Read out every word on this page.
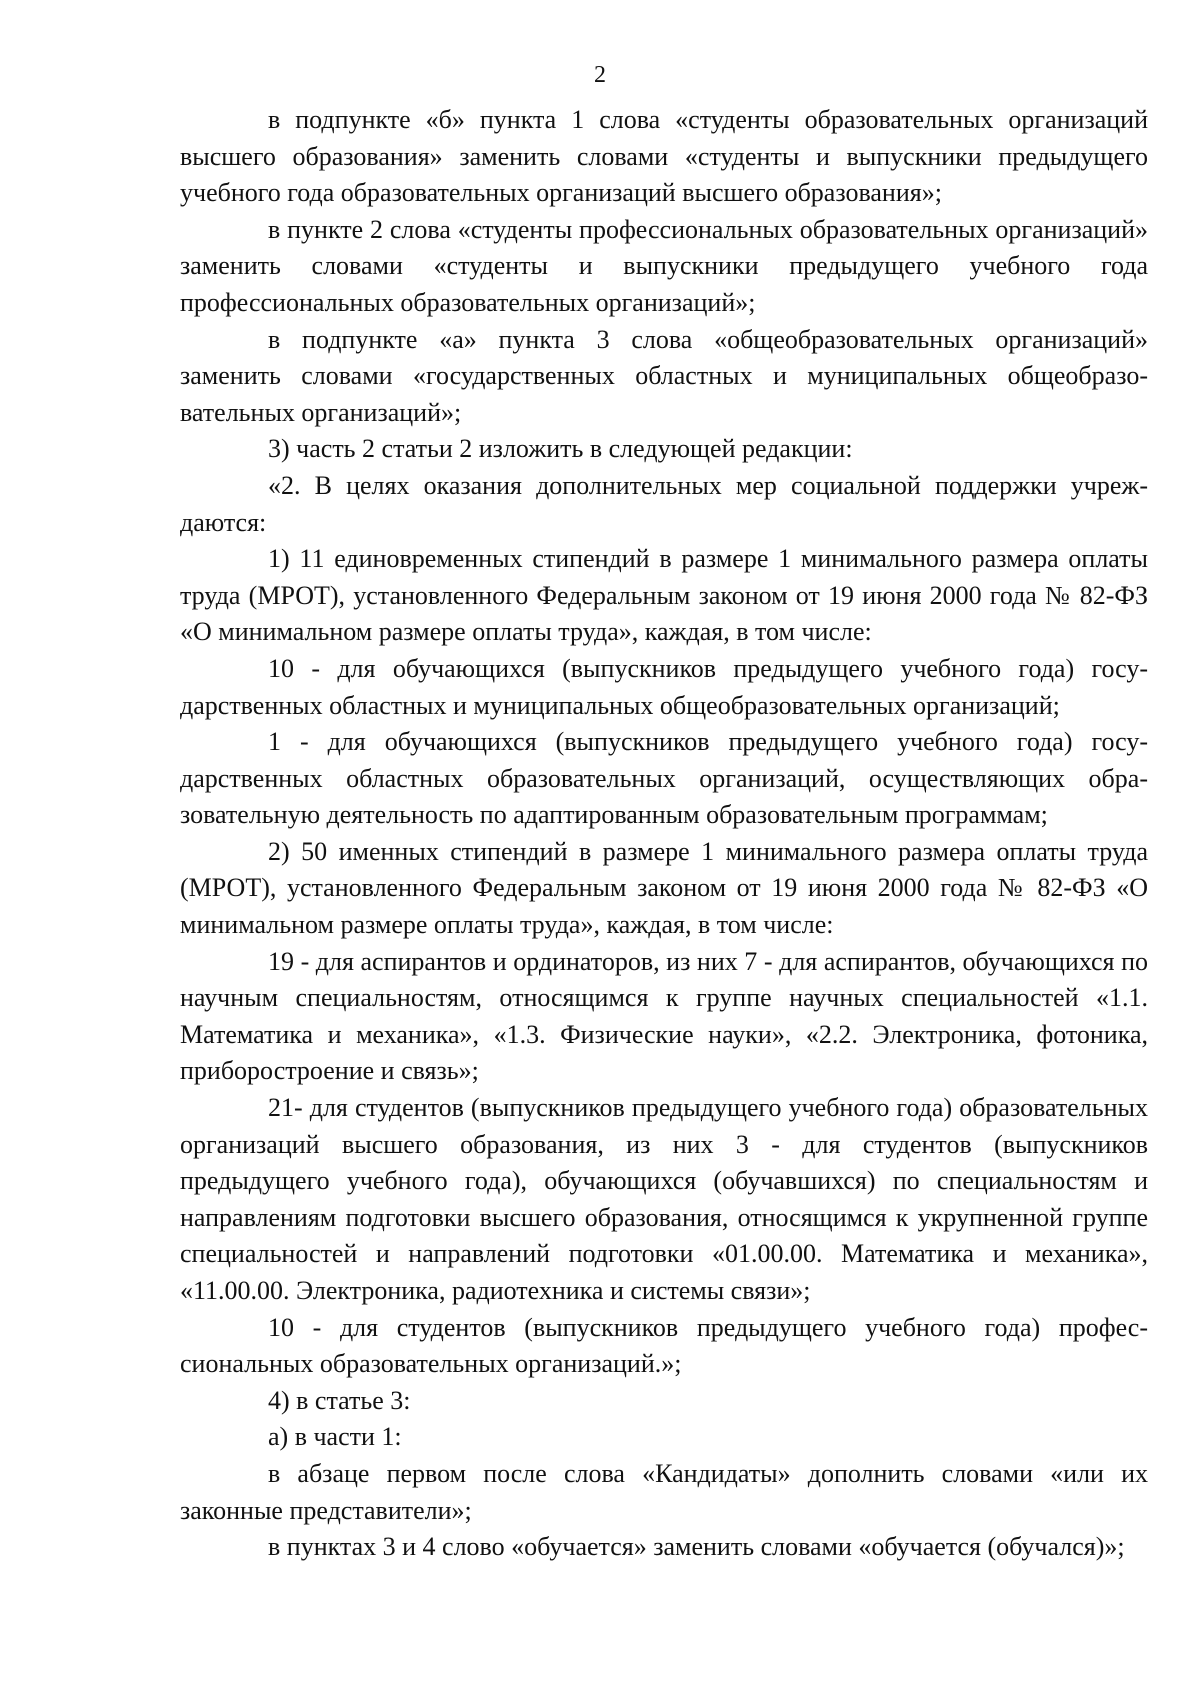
2

в подпункте «б» пункта 1 слова «студенты образовательных организаций высшего образования» заменить словами «студенты и выпускники предыдущего учебного года образовательных организаций высшего образования»;

в пункте 2 слова «студенты профессиональных образовательных организаций» заменить словами «студенты и выпускники предыдущего учебного года профессиональных образовательных организаций»;

в подпункте «а» пункта 3 слова «общеобразовательных организаций» заменить словами «государственных областных и муниципальных общеобразовательных организаций»;

3) часть 2 статьи 2 изложить в следующей редакции:

«2. В целях оказания дополнительных мер социальной поддержки учреждаются:

1) 11 единовременных стипендий в размере 1 минимального размера оплаты труда (МРОТ), установленного Федеральным законом от 19 июня 2000 года № 82-ФЗ «О минимальном размере оплаты труда», каждая, в том числе:

10 - для обучающихся (выпускников предыдущего учебного года) государственных областных и муниципальных общеобразовательных организаций;

1 - для обучающихся (выпускников предыдущего учебного года) государственных областных образовательных организаций, осуществляющих образовательную деятельность по адаптированным образовательным программам;

2) 50 именных стипендий в размере 1 минимального размера оплаты труда (МРОТ), установленного Федеральным законом от 19 июня 2000 года № 82-ФЗ «О минимальном размере оплаты труда», каждая, в том числе:

19 - для аспирантов и ординаторов, из них 7 - для аспирантов, обучающихся по научным специальностям, относящимся к группе научных специальностей «1.1. Математика и механика», «1.3. Физические науки», «2.2. Электроника, фотоника, приборостроение и связь»;

21- для студентов (выпускников предыдущего учебного года) образовательных организаций высшего образования, из них 3 - для студентов (выпускников предыдущего учебного года), обучающихся (обучавшихся) по специальностям и направлениям подготовки высшего образования, относящимся к укрупненной группе специальностей и направлений подготовки «01.00.00. Математика и механика», «11.00.00. Электроника, радиотехника и системы связи»;

10 - для студентов (выпускников предыдущего учебного года) профессиональных образовательных организаций.»;

4) в статье 3:

а) в части 1:

в абзаце первом после слова «Кандидаты» дополнить словами «или их законные представители»;

в пунктах 3 и 4 слово «обучается» заменить словами «обучается (обучался)»;
